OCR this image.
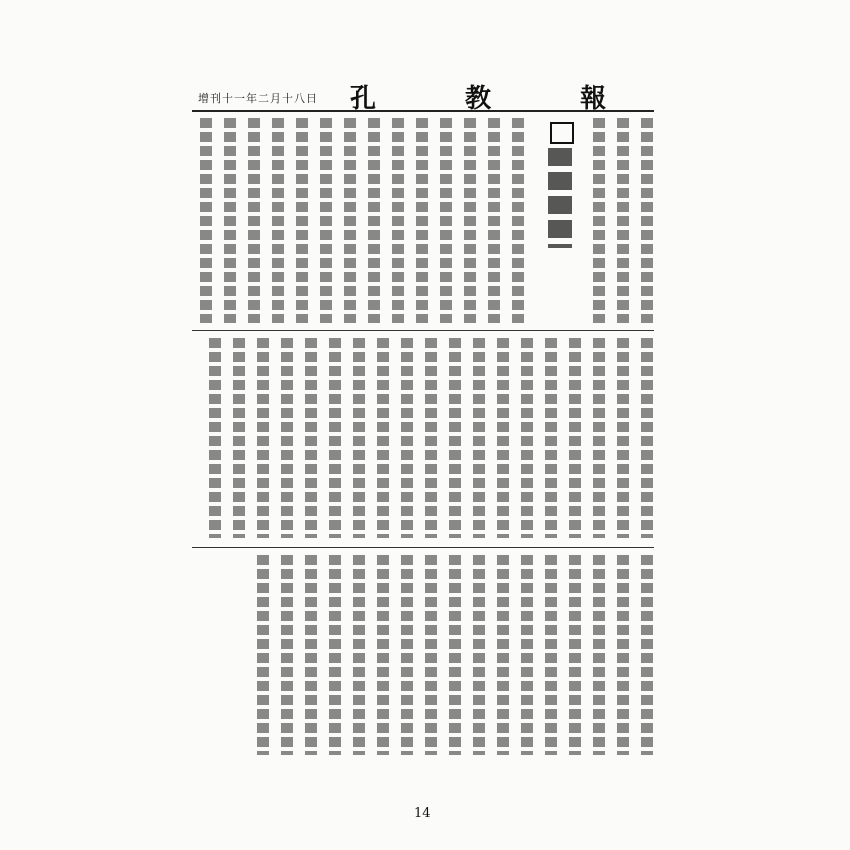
增刊十一年二月十八日 孔 教 報
14
